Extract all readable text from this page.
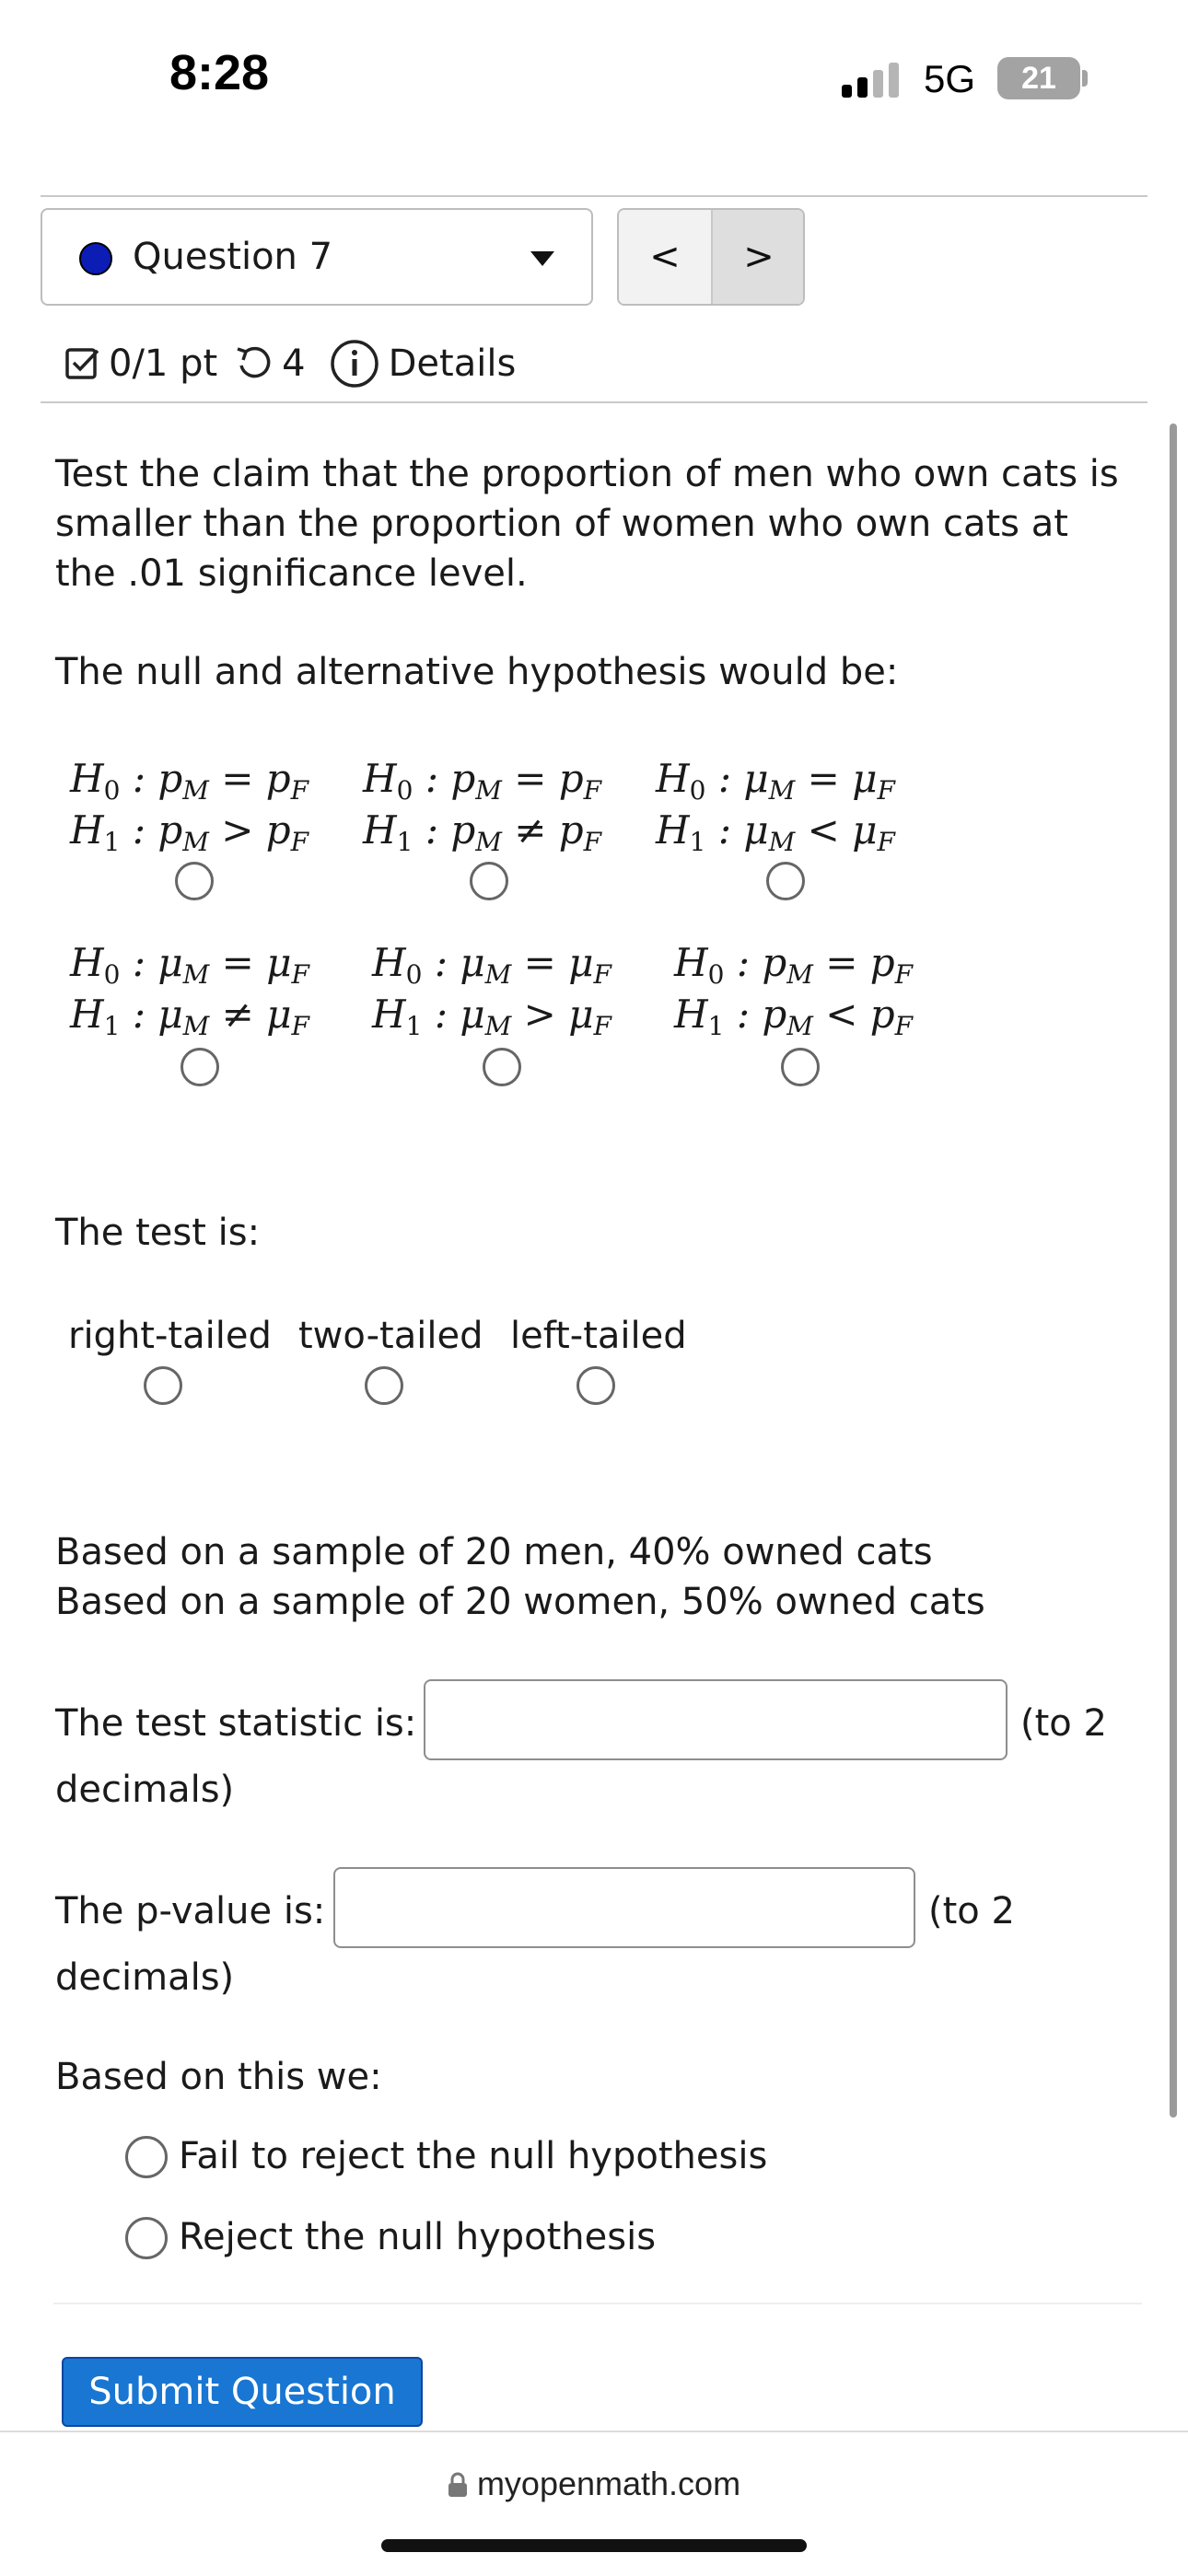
8:28	5G	21
Question 7	<	>
0/1 pt 4 Details
Test the claim that the proportion of men who own cats is smaller than the proportion of women who own cats at the .01 significance level.
The null and alternative hypothesis would be:
$H_0$ : $p_M = p_F$
$H_1$ : $p_M > p_F$
$H_0$ : $p_M = p_F$
$H_1$ : $p_M \ne p_F$
$H_0$ : $\mu_M = \mu_F$
$H_1$ : $\mu_M < \mu_F$
$H_0$ : $\mu_M = \mu_F$
$H_1$ : $\mu_M \ne \mu_F$
$H_0$ : $\mu_M = \mu_F$
$H_1$ : $\mu_M > \mu_F$
$H_0$ : $p_M = p_F$
$H_1$ : $p_M < p_F$
The test is:
right-tailed two-tailed left-tailed
Based on a sample of 20 men, 40% owned cats
Based on a sample of 20 women, 50% owned cats
The test statistic is:	(to 2
decimals)
The p-value is:	(to 2
decimals)
Based on this we:
Fail to reject the null hypothesis
Reject the null hypothesis
Submit Question
myopenmath.com
